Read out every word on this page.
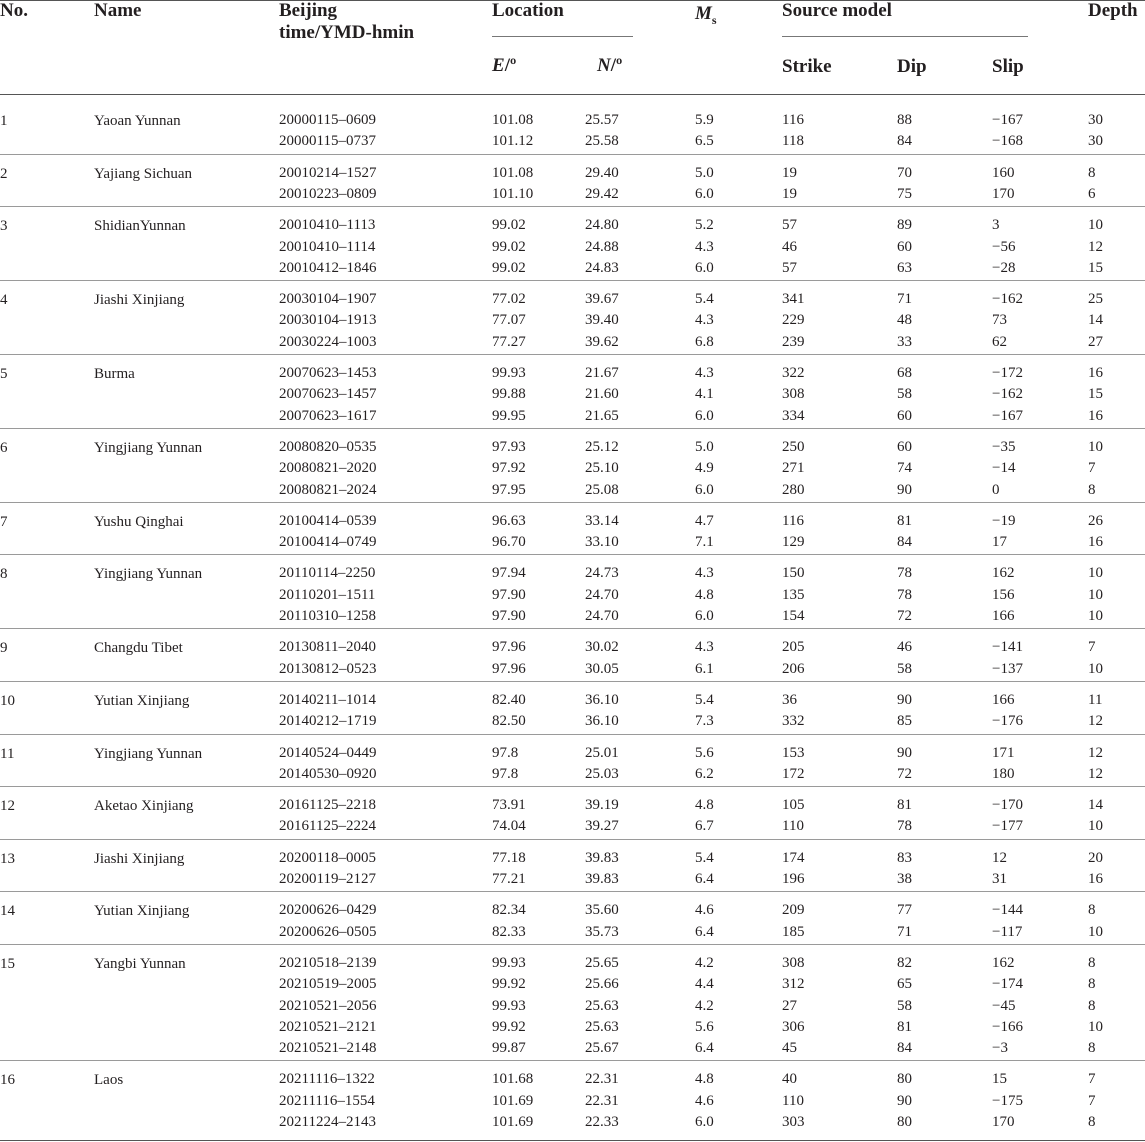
No.	Name	Beijing
time/YMD-hmin
Location	$M_s$	Source model	Depth
E/º	N/º	Strike	Dip	Slip
1	Yaoan Yunnan	20000115–0609	101.08	25.57	5.9	116	88	−167	30
20000115–0737	101.12	25.58	6.5	118	84	−168	30
2	Yajiang Sichuan	20010214–1527	101.08	29.40	5.0	19	70	160	8
20010223–0809	101.10	29.42	6.0	19	75	170	6
3	ShidianYunnan	20010410–1113	99.02	24.80	5.2	57	89	3	10
20010410–1114	99.02	24.88	4.3	46	60	−56	12
20010412–1846	99.02	24.83	6.0	57	63	−28	15
4	Jiashi Xinjiang	20030104–1907	77.02	39.67	5.4	341	71	−162	25
20030104–1913	77.07	39.40	4.3	229	48	73	14
20030224–1003	77.27	39.62	6.8	239	33	62	27
5	Burma	20070623–1453	99.93	21.67	4.3	322	68	−172	16
20070623–1457	99.88	21.60	4.1	308	58	−162	15
20070623–1617	99.95	21.65	6.0	334	60	−167	16
6	Yingjiang Yunnan	20080820–0535	97.93	25.12	5.0	250	60	−35	10
20080821–2020	97.92	25.10	4.9	271	74	−14	7
20080821–2024	97.95	25.08	6.0	280	90	0	8
7	Yushu Qinghai	20100414–0539	96.63	33.14	4.7	116	81	−19	26
20100414–0749	96.70	33.10	7.1	129	84	17	16
8	Yingjiang Yunnan	20110114–2250	97.94	24.73	4.3	150	78	162	10
20110201–1511	97.90	24.70	4.8	135	78	156	10
20110310–1258	97.90	24.70	6.0	154	72	166	10
9	Changdu Tibet	20130811–2040	97.96	30.02	4.3	205	46	−141	7
20130812–0523	97.96	30.05	6.1	206	58	−137	10
10	Yutian Xinjiang	20140211–1014	82.40	36.10	5.4	36	90	166	11
20140212–1719	82.50	36.10	7.3	332	85	−176	12
11	Yingjiang Yunnan	20140524–0449	97.8	25.01	5.6	153	90	171	12
20140530–0920	97.8	25.03	6.2	172	72	180	12
12	Aketao Xinjiang	20161125–2218	73.91	39.19	4.8	105	81	−170	14
20161125–2224	74.04	39.27	6.7	110	78	−177	10
13	Jiashi Xinjiang	20200118–0005	77.18	39.83	5.4	174	83	12	20
20200119–2127	77.21	39.83	6.4	196	38	31	16
14	Yutian Xinjiang	20200626–0429	82.34	35.60	4.6	209	77	−144	8
20200626–0505	82.33	35.73	6.4	185	71	−117	10
15	Yangbi Yunnan	20210518–2139	99.93	25.65	4.2	308	82	162	8
20210519–2005	99.92	25.66	4.4	312	65	−174	8
20210521–2056	99.93	25.63	4.2	27	58	−45	8
20210521–2121	99.92	25.63	5.6	306	81	−166	10
20210521–2148	99.87	25.67	6.4	45	84	−3	8
16	Laos	20211116–1322	101.68	22.31	4.8	40	80	15	7
20211116–1554	101.69	22.31	4.6	110	90	−175	7
20211224–2143	101.69	22.33	6.0	303	80	170	8
